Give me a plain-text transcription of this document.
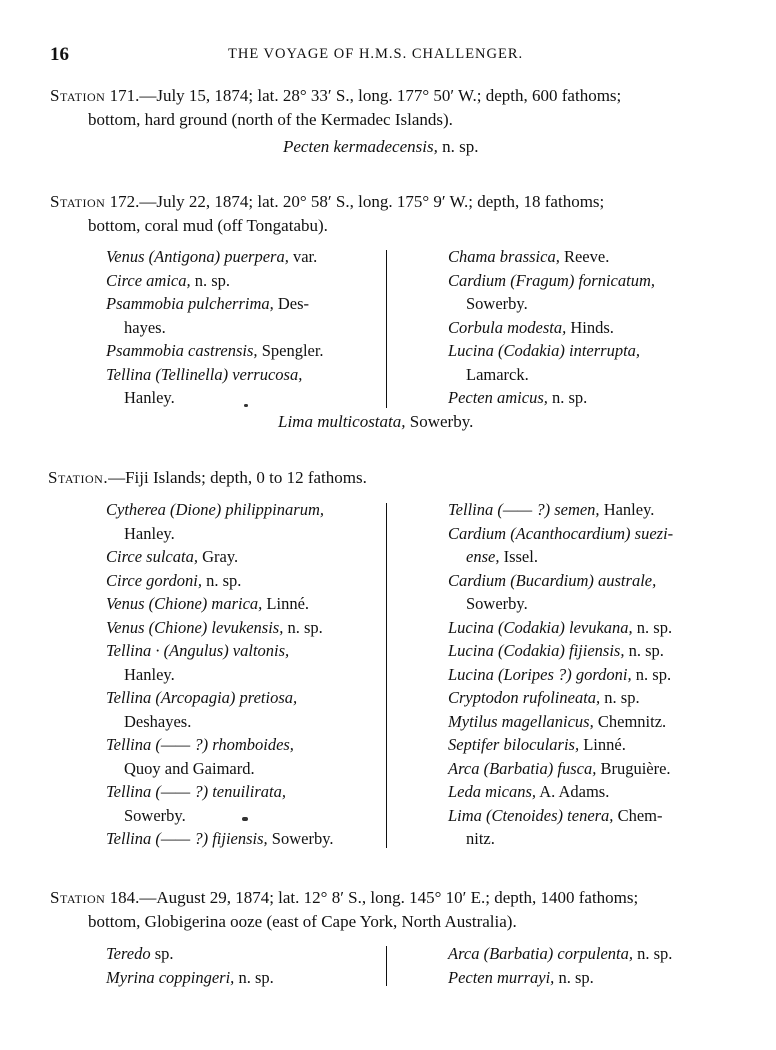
16	THE VOYAGE OF H.M.S. CHALLENGER.
Station 171.—July 15, 1874; lat. 28° 33′ S., long. 177° 50′ W.; depth, 600 fathoms;
bottom, hard ground (north of the Kermadec Islands).
Pecten kermadecensis, n. sp.
Station 172.—July 22, 1874; lat. 20° 58′ S., long. 175° 9′ W.; depth, 18 fathoms;
bottom, coral mud (off Tongatabu).
Venus (Antigona) puerpera, var.
Circe amica, n. sp.
Psammobia pulcherrima, Des-
hayes.
Psammobia castrensis, Spengler.
Tellina (Tellinella) verrucosa,
Hanley.
Chama brassica, Reeve.
Cardium (Fragum) fornicatum,
Sowerby.
Corbula modesta, Hinds.
Lucina (Codakia) interrupta,
Lamarck.
Pecten amicus, n. sp.
Lima multicostata, Sowerby.
Station.—Fiji Islands; depth, 0 to 12 fathoms.
Cytherea (Dione) philippinarum,
Hanley.
Circe sulcata, Gray.
Circe gordoni, n. sp.
Venus (Chione) marica, Linné.
Venus (Chione) levukensis, n. sp.
Tellina · (Angulus) valtonis,
Hanley.
Tellina (Arcopagia) pretiosa,
Deshayes.
Tellina (—— ?) rhomboides,
Quoy and Gaimard.
Tellina (—— ?) tenuilirata,
Sowerby.
Tellina (—— ?) fijiensis, Sowerby.
Tellina (—— ?) semen, Hanley.
Cardium (Acanthocardium) suezi-
ense, Issel.
Cardium (Bucardium) australe,
Sowerby.
Lucina (Codakia) levukana, n. sp.
Lucina (Codakia) fijiensis, n. sp.
Lucina (Loripes ?) gordoni, n. sp.
Cryptodon rufolineata, n. sp.
Mytilus magellanicus, Chemnitz.
Septifer bilocularis, Linné.
Arca (Barbatia) fusca, Bruguière.
Leda micans, A. Adams.
Lima (Ctenoides) tenera, Chem-
nitz.
Station 184.—August 29, 1874; lat. 12° 8′ S., long. 145° 10′ E.; depth, 1400 fathoms;
bottom, Globigerina ooze (east of Cape York, North Australia).
Teredo sp.
Myrina coppingeri, n. sp.
Arca (Barbatia) corpulenta, n. sp.
Pecten murrayi, n. sp.
